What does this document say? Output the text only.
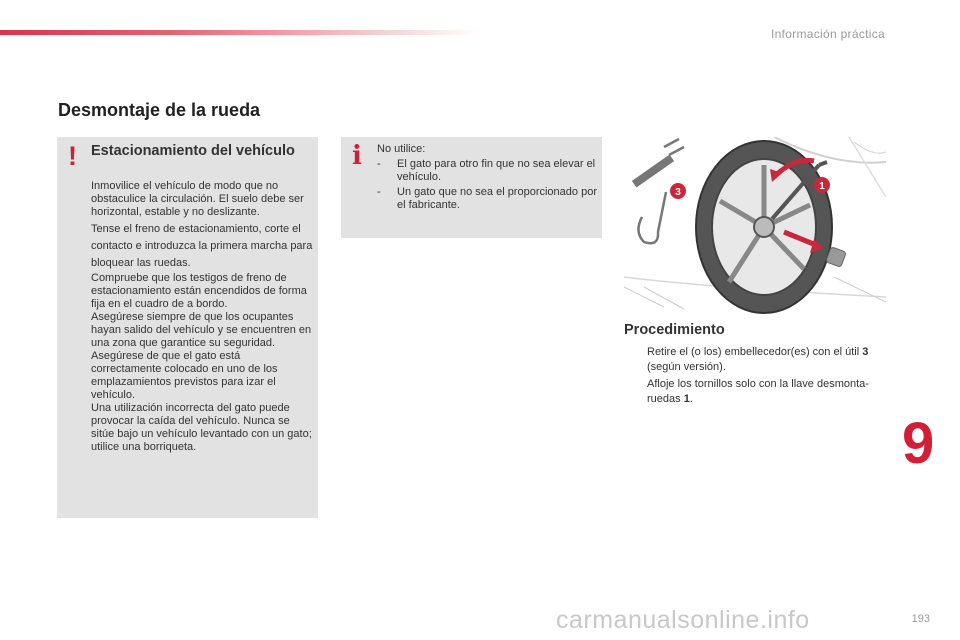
Información práctica
Desmontaje de la rueda
! Estacionamiento del vehículo

Inmovilice el vehículo de modo que no obstaculice la circulación. El suelo debe ser horizontal, estable y no deslizante.

Tense el freno de estacionamiento, corte el contacto e introduzca la primera marcha para bloquear las ruedas.

Compruebe que los testigos de freno de estacionamiento están encendidos de forma fija en el cuadro de a bordo.

Asegúrese siempre de que los ocupantes hayan salido del vehículo y se encuentren en una zona que garantice su seguridad.

Asegúrese de que el gato está correctamente colocado en uno de los emplazamientos previstos para izar el vehículo.

Una utilización incorrecta del gato puede provocar la caída del vehículo. Nunca se sitúe bajo un vehículo levantado con un gato; utilice una borriqueta.

i No utilice:
-	El gato para otro fin que no sea elevar el vehículo.
-	Un gato que no sea el proporcionado por el fabricante.
1
3
Procedimiento
Retire el (o los) embellecedor(es) con el útil 3 (según versión).
Afloje los tornillos solo con la llave desmonta-ruedas 1.
9
carmanualsonline.info	193
